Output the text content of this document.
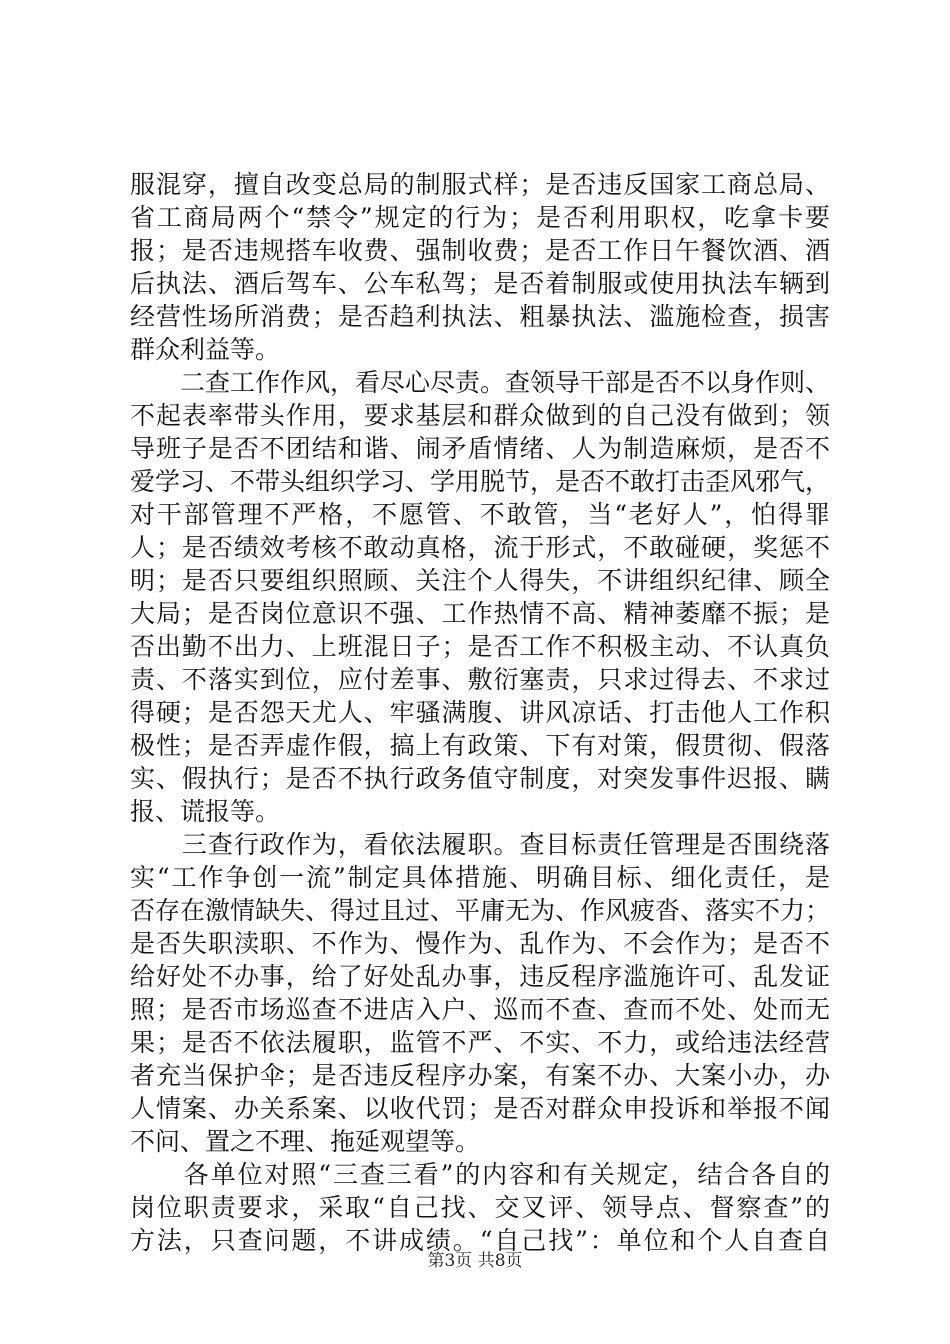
服混穿，擅自改变总局的制服式样；是否违反国家工商总局、
省工商局两个“禁令”规定的行为；是否利用职权，吃拿卡要
报；是否违规搭车收费、强制收费；是否工作日午餐饮酒、酒
后执法、酒后驾车、公车私驾；是否着制服或使用执法车辆到
经营性场所消费；是否趋利执法、粗暴执法、滥施检查，损害
群众利益等。
　　二查工作作风，看尽心尽责。查领导干部是否不以身作则、
不起表率带头作用，要求基层和群众做到的自己没有做到；领
导班子是否不团结和谐、闹矛盾情绪、人为制造麻烦，是否不
爱学习、不带头组织学习、学用脱节，是否不敢打击歪风邪气，
对干部管理不严格，不愿管、不敢管，当“老好人”，怕得罪
人；是否绩效考核不敢动真格，流于形式，不敢碰硬，奖惩不
明；是否只要组织照顾、关注个人得失，不讲组织纪律、顾全
大局；是否岗位意识不强、工作热情不高、精神萎靡不振；是
否出勤不出力、上班混日子；是否工作不积极主动、不认真负
责、不落实到位，应付差事、敷衍塞责，只求过得去、不求过
得硬；是否怨天尤人、牢骚满腹、讲风凉话、打击他人工作积
极性；是否弄虚作假，搞上有政策、下有对策，假贯彻、假落
实、假执行；是否不执行政务值守制度，对突发事件迟报、瞒
报、谎报等。
　　三查行政作为，看依法履职。查目标责任管理是否围绕落
实“工作争创一流”制定具体措施、明确目标、细化责任，是
否存在激情缺失、得过且过、平庸无为、作风疲沓、落实不力；
是否失职渎职、不作为、慢作为、乱作为、不会作为；是否不
给好处不办事，给了好处乱办事，违反程序滥施许可、乱发证
照；是否市场巡查不进店入户、巡而不查、查而不处、处而无
果；是否不依法履职，监管不严、不实、不力，或给违法经营
者充当保护伞；是否违反程序办案，有案不办、大案小办，办
人情案、办关系案、以收代罚；是否对群众申投诉和举报不闻
不问、置之不理、拖延观望等。
　　各单位对照“三查三看”的内容和有关规定，结合各自的
岗位职责要求，采取“自己找、交叉评、领导点、督察查”的
方法，只查问题，不讲成绩。“自己找”：单位和个人自查自
第3页 共8页
